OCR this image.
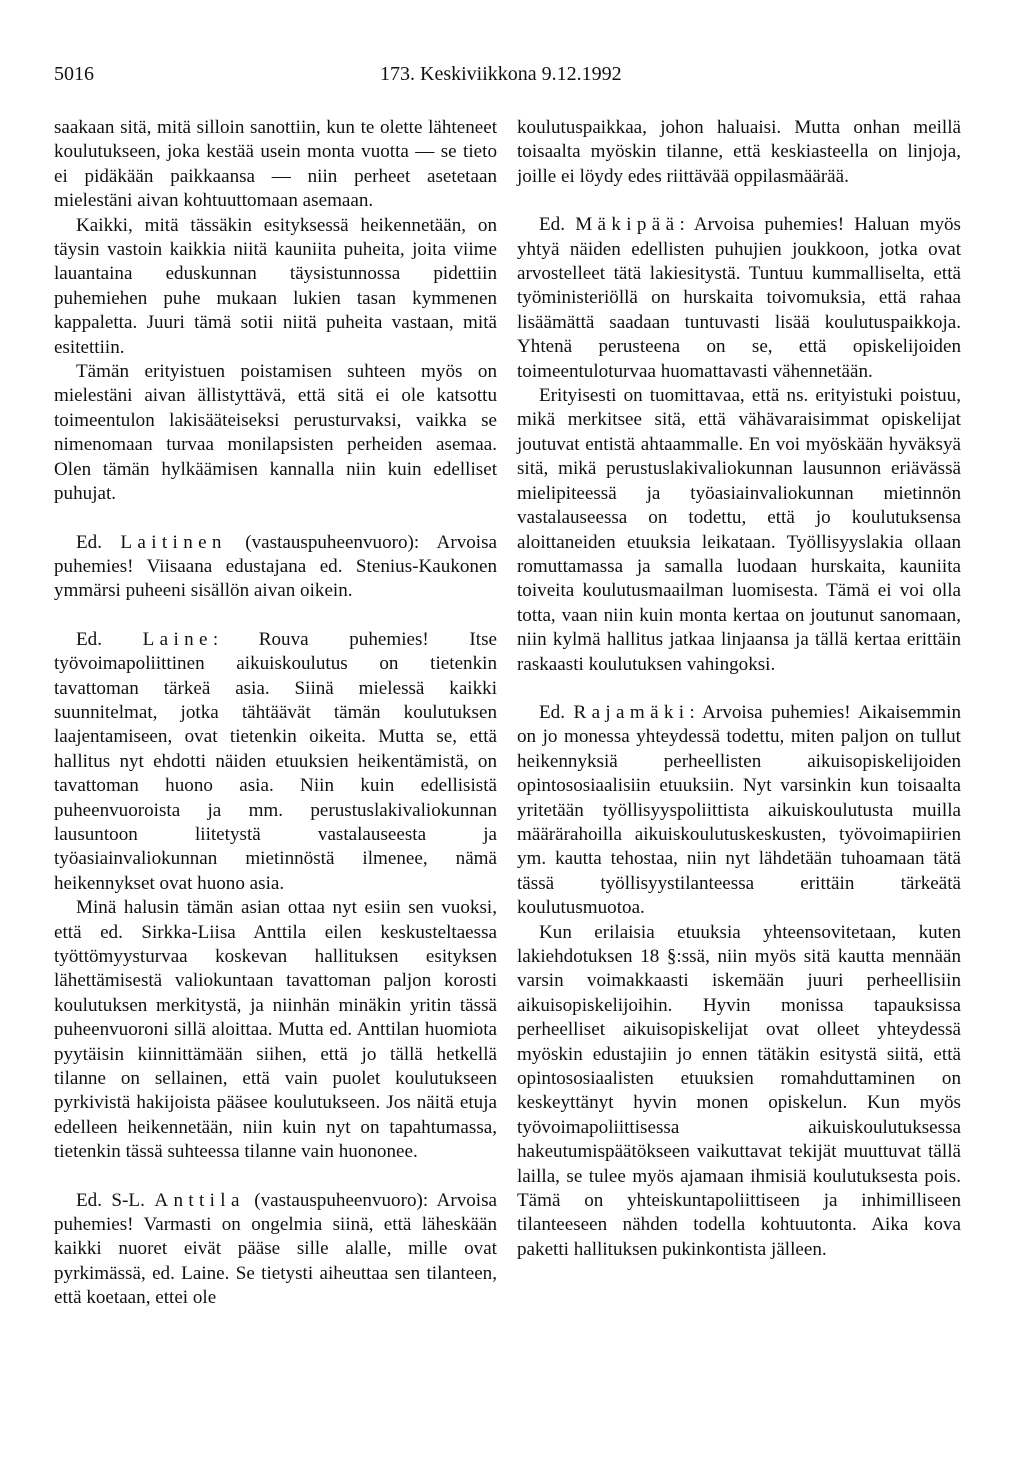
5016	173. Keskiviikkona 9.12.1992

saakaan sitä, mitä silloin sanottiin, kun te olette lähteneet koulutukseen, joka kestää usein monta vuotta — se tieto ei pidäkään paikkaansa — niin perheet asetetaan mielestäni aivan kohtuuttomaan asemaan.

Kaikki, mitä tässäkin esityksessä heikennetään, on täysin vastoin kaikkia niitä kauniita puheita, joita viime lauantaina eduskunnan täysistunnossa pidettiin puhemiehen puhe mukaan lukien tasan kymmenen kappaletta. Juuri tämä sotii niitä puheita vastaan, mitä esitettiin.

Tämän erityistuen poistamisen suhteen myös on mielestäni aivan ällistyttävä, että sitä ei ole katsottu toimeentulon lakisääteiseksi perusturvaksi, vaikka se nimenomaan turvaa monilapsisten perheiden asemaa. Olen tämän hylkäämisen kannalla niin kuin edelliset puhujat.

Ed. Laitinen (vastauspuheenvuoro): Arvoisa puhemies! Viisaana edustajana ed. Stenius-Kaukonen ymmärsi puheeni sisällön aivan oikein.

Ed. Laine: Rouva puhemies! Itse työvoimapoliittinen aikuiskoulutus on tietenkin tavattoman tärkeä asia. Siinä mielessä kaikki suunnitelmat, jotka tähtäävät tämän koulutuksen laajentamiseen, ovat tietenkin oikeita. Mutta se, että hallitus nyt ehdotti näiden etuuksien heikentämistä, on tavattoman huono asia. Niin kuin edellisistä puheenvuoroista ja mm. perustuslakivaliokunnan lausuntoon liitetystä vastalauseesta ja työasiainvaliokunnan mietinnöstä ilmenee, nämä heikennykset ovat huono asia.

Minä halusin tämän asian ottaa nyt esiin sen vuoksi, että ed. Sirkka-Liisa Anttila eilen keskusteltaessa työttömyysturvaa koskevan hallituksen esityksen lähettämisestä valiokuntaan tavattoman paljon korosti koulutuksen merkitystä, ja niinhän minäkin yritin tässä puheenvuoroni sillä aloittaa. Mutta ed. Anttilan huomiota pyytäisin kiinnittämään siihen, että jo tällä hetkellä tilanne on sellainen, että vain puolet koulutukseen pyrkivistä hakijoista pääsee koulutukseen. Jos näitä etuja edelleen heikennetään, niin kuin nyt on tapahtumassa, tietenkin tässä suhteessa tilanne vain huononee.

Ed. S-L. Anttila (vastauspuheenvuoro): Arvoisa puhemies! Varmasti on ongelmia siinä, että läheskään kaikki nuoret eivät pääse sille alalle, mille ovat pyrkimässä, ed. Laine. Se tietysti aiheuttaa sen tilanteen, että koetaan, ettei ole

koulutuspaikkaa, johon haluaisi. Mutta onhan meillä toisaalta myöskin tilanne, että keskiasteella on linjoja, joille ei löydy edes riittävää oppilasmäärää.

Ed. Mäkipää: Arvoisa puhemies! Haluan myös yhtyä näiden edellisten puhujien joukkoon, jotka ovat arvostelleet tätä lakiesitystä. Tuntuu kummalliselta, että työministeriöllä on hurskaita toivomuksia, että rahaa lisäämättä saadaan tuntuvasti lisää koulutuspaikkoja. Yhtenä perusteena on se, että opiskelijoiden toimeentuloturvaa huomattavasti vähennetään.

Erityisesti on tuomittavaa, että ns. erityistuki poistuu, mikä merkitsee sitä, että vähävaraisimmat opiskelijat joutuvat entistä ahtaammalle. En voi myöskään hyväksyä sitä, mikä perustuslakivaliokunnan lausunnon eriävässä mielipiteessä ja työasiainvaliokunnan mietinnön vastalauseessa on todettu, että jo koulutuksensa aloittaneiden etuuksia leikataan. Työllisyyslakia ollaan romuttamassa ja samalla luodaan hurskaita, kauniita toiveita koulutusmaailman luomisesta. Tämä ei voi olla totta, vaan niin kuin monta kertaa on joutunut sanomaan, niin kylmä hallitus jatkaa linjaansa ja tällä kertaa erittäin raskaasti koulutuksen vahingoksi.

Ed. Rajamäki: Arvoisa puhemies! Aikaisemmin on jo monessa yhteydessä todettu, miten paljon on tullut heikennyksiä perheellisten aikuisopiskelijoiden opintososiaalisiin etuuksiin. Nyt varsinkin kun toisaalta yritetään työllisyyspoliittista aikuiskoulutusta muilla määrärahoilla aikuiskoulutuskeskusten, työvoimapiirien ym. kautta tehostaa, niin nyt lähdetään tuhoamaan tätä tässä työllisyystilanteessa erittäin tärkeätä koulutusmuotoa.

Kun erilaisia etuuksia yhteensovitetaan, kuten lakiehdotuksen 18 §:ssä, niin myös sitä kautta mennään varsin voimakkaasti iskemään juuri perheellisiin aikuisopiskelijoihin. Hyvin monissa tapauksissa perheelliset aikuisopiskelijat ovat olleet yhteydessä myöskin edustajiin jo ennen tätäkin esitystä siitä, että opintososiaalisten etuuksien romahduttaminen on keskeyttänyt hyvin monen opiskelun. Kun myös työvoimapoliittisessa aikuiskoulutuksessa hakeutumispäätökseen vaikuttavat tekijät muuttuvat tällä lailla, se tulee myös ajamaan ihmisiä koulutuksesta pois. Tämä on yhteiskuntapoliittiseen ja inhimilliseen tilanteeseen nähden todella kohtuutonta. Aika kova paketti hallituksen pukinkontista jälleen.
